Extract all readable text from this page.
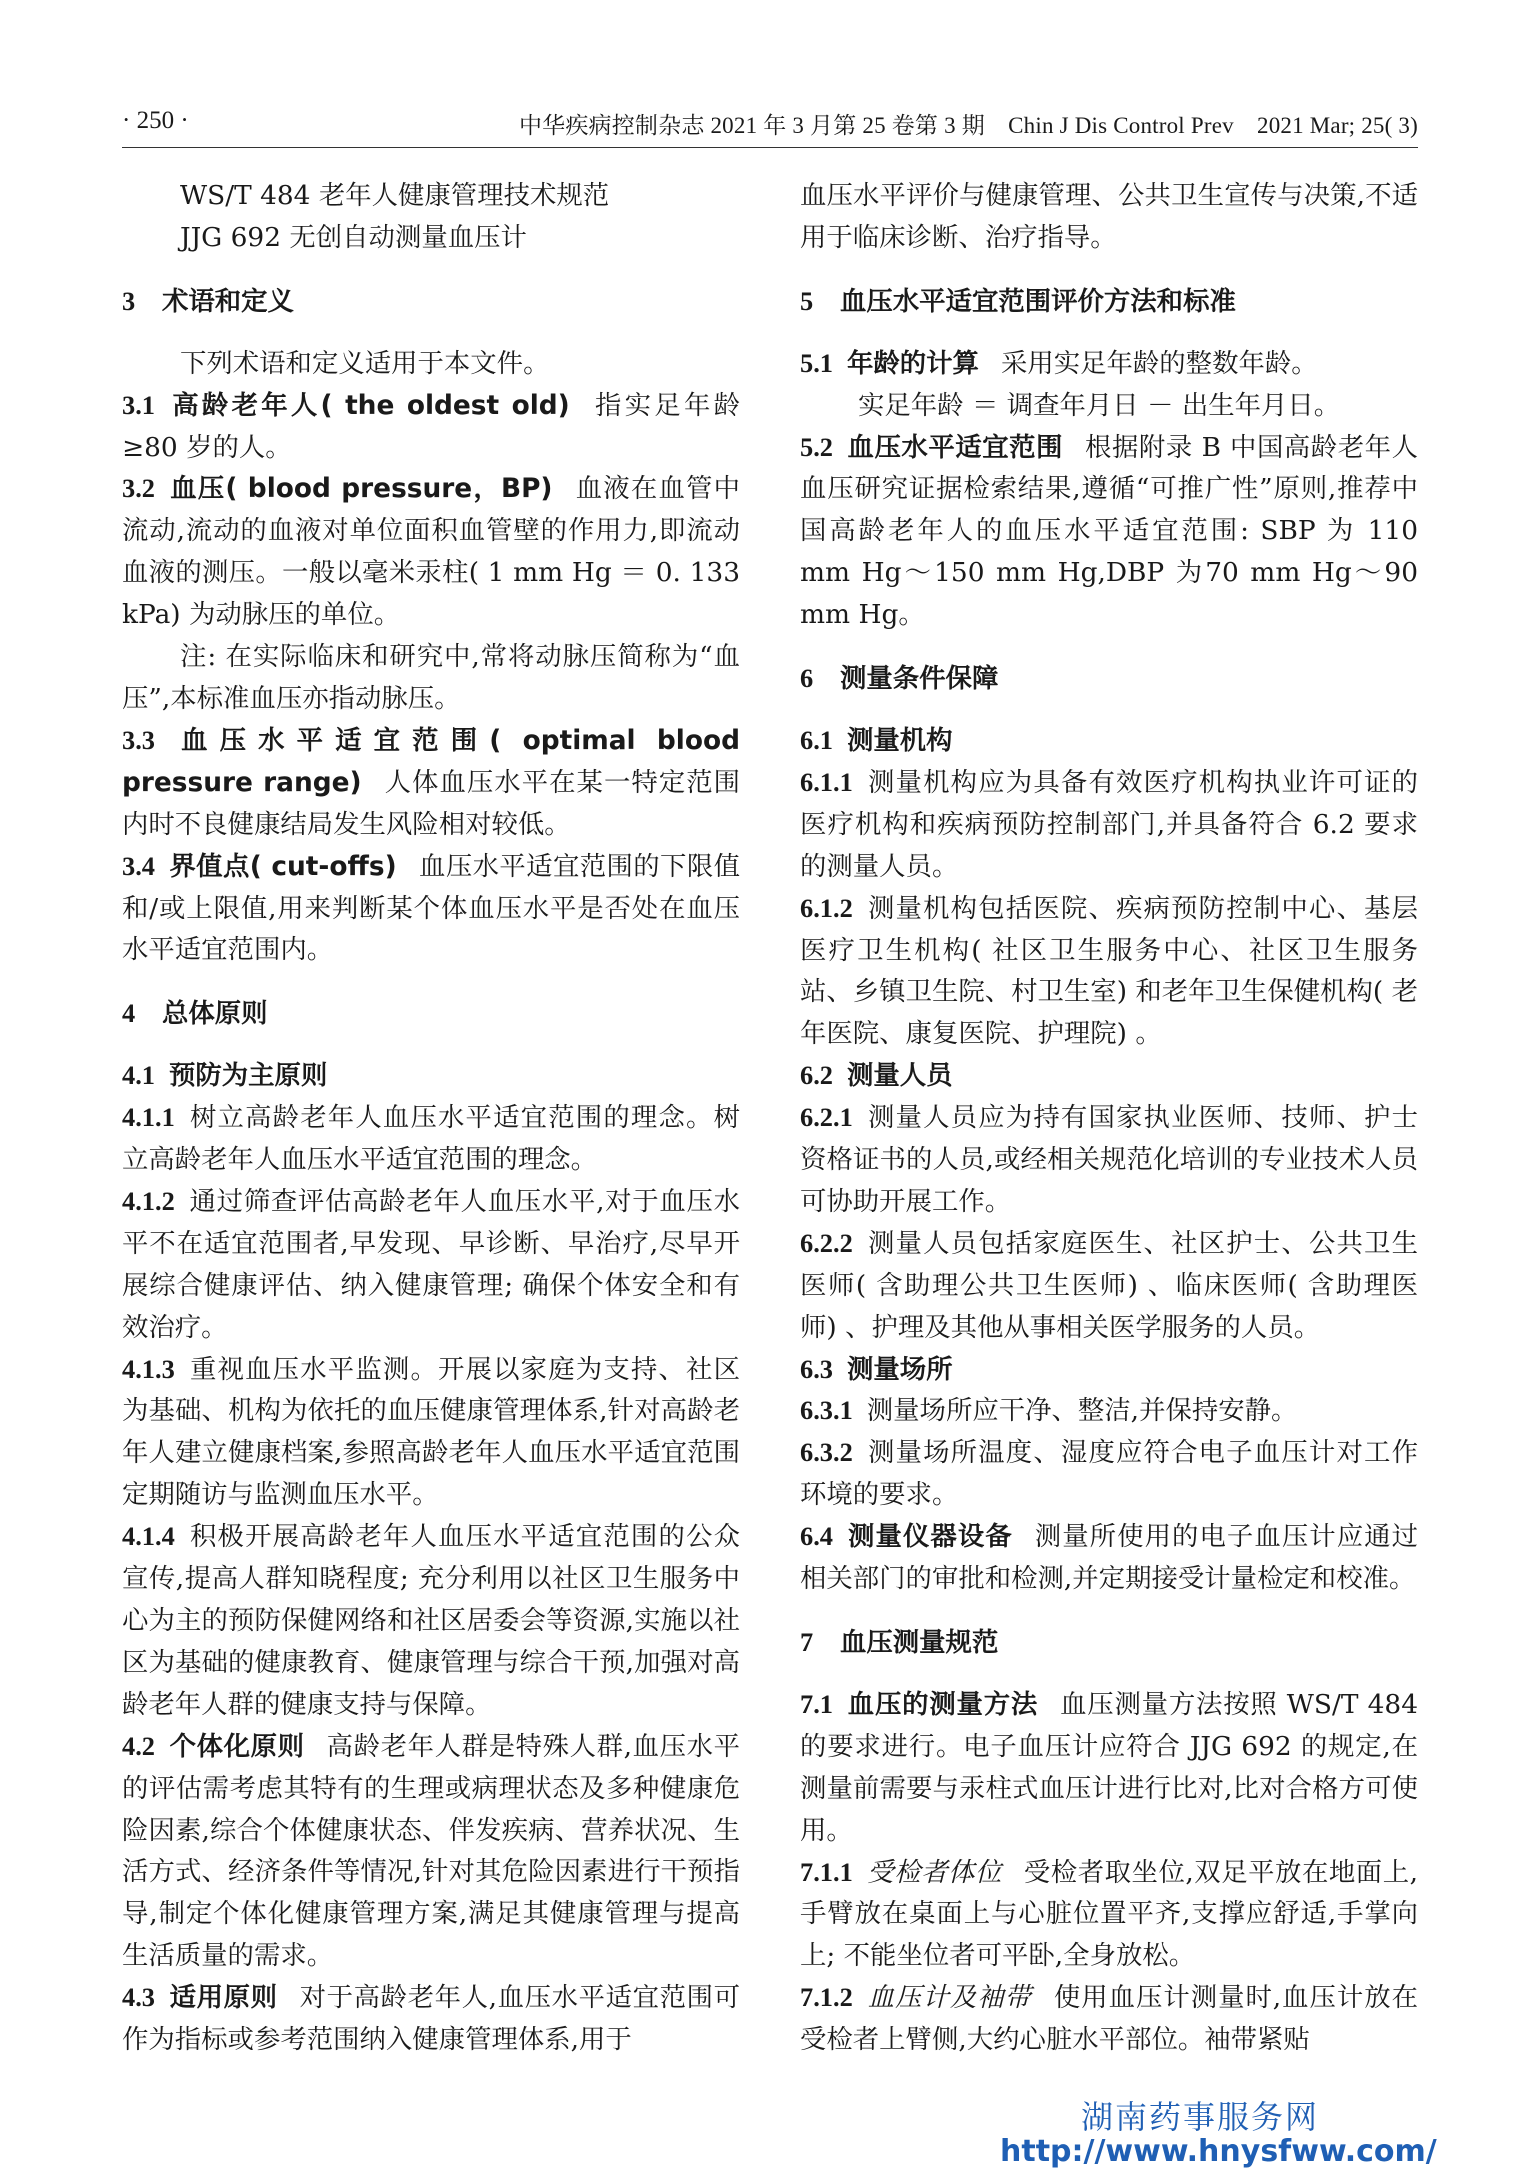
· 250 ·	中华疾病控制杂志 2021 年 3 月第 25 卷第 3 期　Chin J Dis Control Prev　2021 Mar; 25( 3)

WS/T 484 老年人健康管理技术规范

JJG 692 无创自动测量血压计

3 术语和定义

下列术语和定义适用于本文件。

3.1 高龄老年人( the oldest old) 指实足年龄≥80 岁的人。

3.2 血压( blood pressure，BP) 血液在血管中流动,流动的血液对单位面积血管壁的作用力,即流动血液的测压。一般以毫米汞柱( 1 mm Hg ＝ 0. 133 kPa) 为动脉压的单位。

注: 在实际临床和研究中,常将动脉压简称为“血压”,本标准血压亦指动脉压。

3.3 血压水平适宜范围( optimal blood pressure range) 人体血压水平在某一特定范围内时不良健康结局发生风险相对较低。

3.4 界值点( cut-offs) 血压水平适宜范围的下限值和/或上限值,用来判断某个体血压水平是否处在血压水平适宜范围内。

4 总体原则

4.1 预防为主原则

4.1.1 树立高龄老年人血压水平适宜范围的理念。树立高龄老年人血压水平适宜范围的理念。

4.1.2 通过筛查评估高龄老年人血压水平,对于血压水平不在适宜范围者,早发现、早诊断、早治疗,尽早开展综合健康评估、纳入健康管理; 确保个体安全和有效治疗。

4.1.3 重视血压水平监测。开展以家庭为支持、社区为基础、机构为依托的血压健康管理体系,针对高龄老年人建立健康档案,参照高龄老年人血压水平适宜范围定期随访与监测血压水平。

4.1.4 积极开展高龄老年人血压水平适宜范围的公众宣传,提高人群知晓程度; 充分利用以社区卫生服务中心为主的预防保健网络和社区居委会等资源,实施以社区为基础的健康教育、健康管理与综合干预,加强对高龄老年人群的健康支持与保障。

4.2 个体化原则 高龄老年人群是特殊人群,血压水平的评估需考虑其特有的生理或病理状态及多种健康危险因素,综合个体健康状态、伴发疾病、营养状况、生活方式、经济条件等情况,针对其危险因素进行干预指导,制定个体化健康管理方案,满足其健康管理与提高生活质量的需求。

4.3 适用原则 对于高龄老年人,血压水平适宜范围可作为指标或参考范围纳入健康管理体系,用于

血压水平评价与健康管理、公共卫生宣传与决策,不适用于临床诊断、治疗指导。

5 血压水平适宜范围评价方法和标准

5.1 年龄的计算 采用实足年龄的整数年龄。

实足年龄 ＝ 调查年月日 － 出生年月日。

5.2 血压水平适宜范围 根据附录 B 中国高龄老年人血压研究证据检索结果,遵循“可推广性”原则,推荐中国高龄老年人的血压水平适宜范围: SBP 为 110 mm Hg～150 mm Hg,DBP 为70 mm Hg～90 mm Hg。

6 测量条件保障

6.1 测量机构

6.1.1 测量机构应为具备有效医疗机构执业许可证的医疗机构和疾病预防控制部门,并具备符合 6.2 要求的测量人员。

6.1.2 测量机构包括医院、疾病预防控制中心、基层医疗卫生机构( 社区卫生服务中心、社区卫生服务站、乡镇卫生院、村卫生室) 和老年卫生保健机构( 老年医院、康复医院、护理院) 。

6.2 测量人员

6.2.1 测量人员应为持有国家执业医师、技师、护士资格证书的人员,或经相关规范化培训的专业技术人员可协助开展工作。

6.2.2 测量人员包括家庭医生、社区护士、公共卫生医师( 含助理公共卫生医师) 、临床医师( 含助理医师) 、护理及其他从事相关医学服务的人员。

6.3 测量场所

6.3.1 测量场所应干净、整洁,并保持安静。

6.3.2 测量场所温度、湿度应符合电子血压计对工作环境的要求。

6.4 测量仪器设备 测量所使用的电子血压计应通过相关部门的审批和检测,并定期接受计量检定和校准。

7 血压测量规范

7.1 血压的测量方法 血压测量方法按照 WS/T 484 的要求进行。电子血压计应符合 JJG 692 的规定,在测量前需要与汞柱式血压计进行比对,比对合格方可使用。

7.1.1 受检者体位 受检者取坐位,双足平放在地面上,手臂放在桌面上与心脏位置平齐,支撑应舒适,手掌向上; 不能坐位者可平卧,全身放松。

7.1.2 血压计及袖带 使用血压计测量时,血压计放在受检者上臂侧,大约心脏水平部位。袖带紧贴

湖南药事服务网
http://www.hnysfww.com/
